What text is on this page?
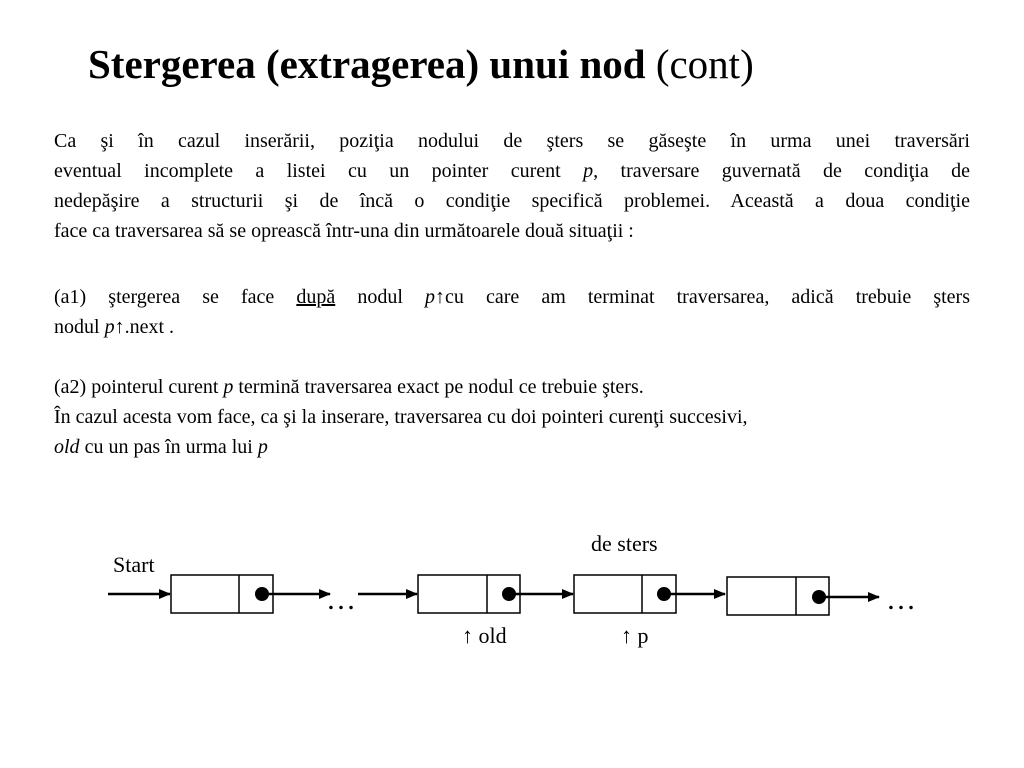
Stergerea (extragerea) unui nod (cont)
Ca şi în cazul inserării, poziţia nodului de şters se găseşte în urma unei traversări
eventual incomplete a listei cu un pointer curent p, traversare guvernată de condiţia de
nedepăşire a structurii şi de încă o condiţie specifică problemei. Această a doua condiţie
face ca traversarea să se oprească într-una din următoarele două situaţii :
(a1) ştergerea se face după nodul p↑cu care am terminat traversarea, adică trebuie şters
nodul p↑.next .
(a2) pointerul curent p termină traversarea exact pe nodul ce trebuie şters.
În cazul acesta vom face, ca şi la inserare, traversarea cu doi pointeri curenţi succesivi,
old cu un pas în urma lui p
Start
…
de sters
…
↑ old	↑ p
